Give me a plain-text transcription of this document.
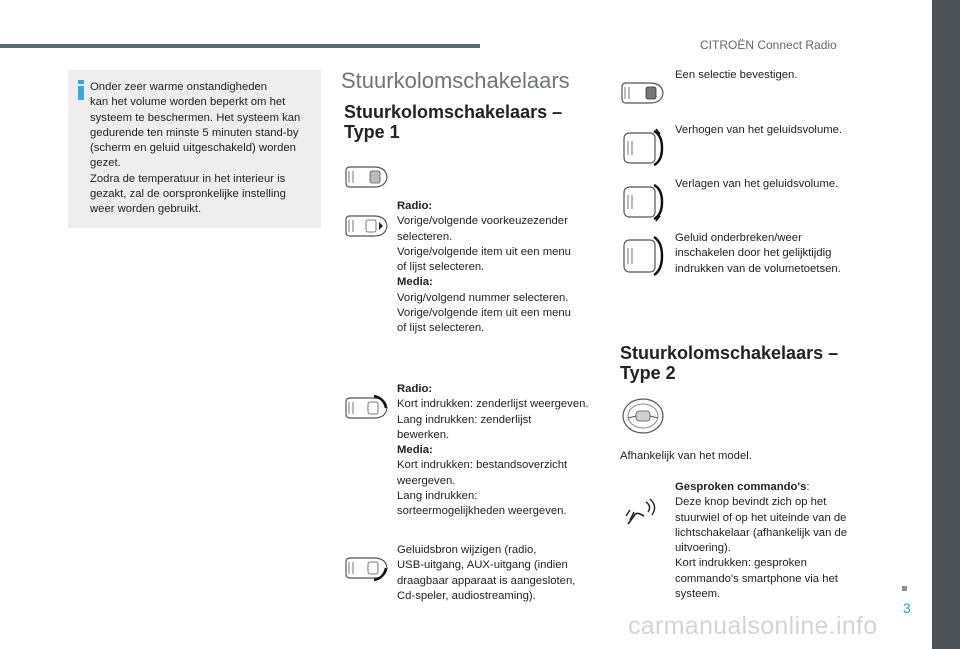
CITROËN Connect Radio
3
carmanualsonline.info
Onder zeer warme onstandigheden
kan het volume worden beperkt om het
systeem te beschermen. Het systeem kan
gedurende ten minste 5 minuten stand-by
(scherm en geluid uitgeschakeld) worden
gezet.
Zodra de temperatuur in het interieur is
gezakt, zal de oorspronkelijke instelling
weer worden gebruikt.
Stuurkolomschakelaars
Stuurkolomschakelaars –
Type 1
Radio:
Vorige/volgende voorkeuzezender
selecteren.
Vorige/volgende item uit een menu
of lijst selecteren.
Media:
Vorig/volgend nummer selecteren.
Vorige/volgende item uit een menu
of lijst selecteren.
Radio:
Kort indrukken: zenderlijst weergeven.
Lang indrukken: zenderlijst
bewerken.
Media:
Kort indrukken: bestandsoverzicht
weergeven.
Lang indrukken:
sorteermogelijkheden weergeven.
Geluidsbron wijzigen (radio,
USB-uitgang, AUX-uitgang (indien
draagbaar apparaat is aangesloten,
Cd-speler, audiostreaming).
Een selectie bevestigen.
Verhogen van het geluidsvolume.
Verlagen van het geluidsvolume.
Geluid onderbreken/weer
inschakelen door het gelijktijdig
indrukken van de volumetoetsen.
Stuurkolomschakelaars –
Type 2
Afhankelijk van het model.
Gesproken commando's:
Deze knop bevindt zich op het
stuurwiel of op het uiteinde van de
lichtschakelaar (afhankelijk van de
uitvoering).
Kort indrukken: gesproken
commando's smartphone via het
systeem.
